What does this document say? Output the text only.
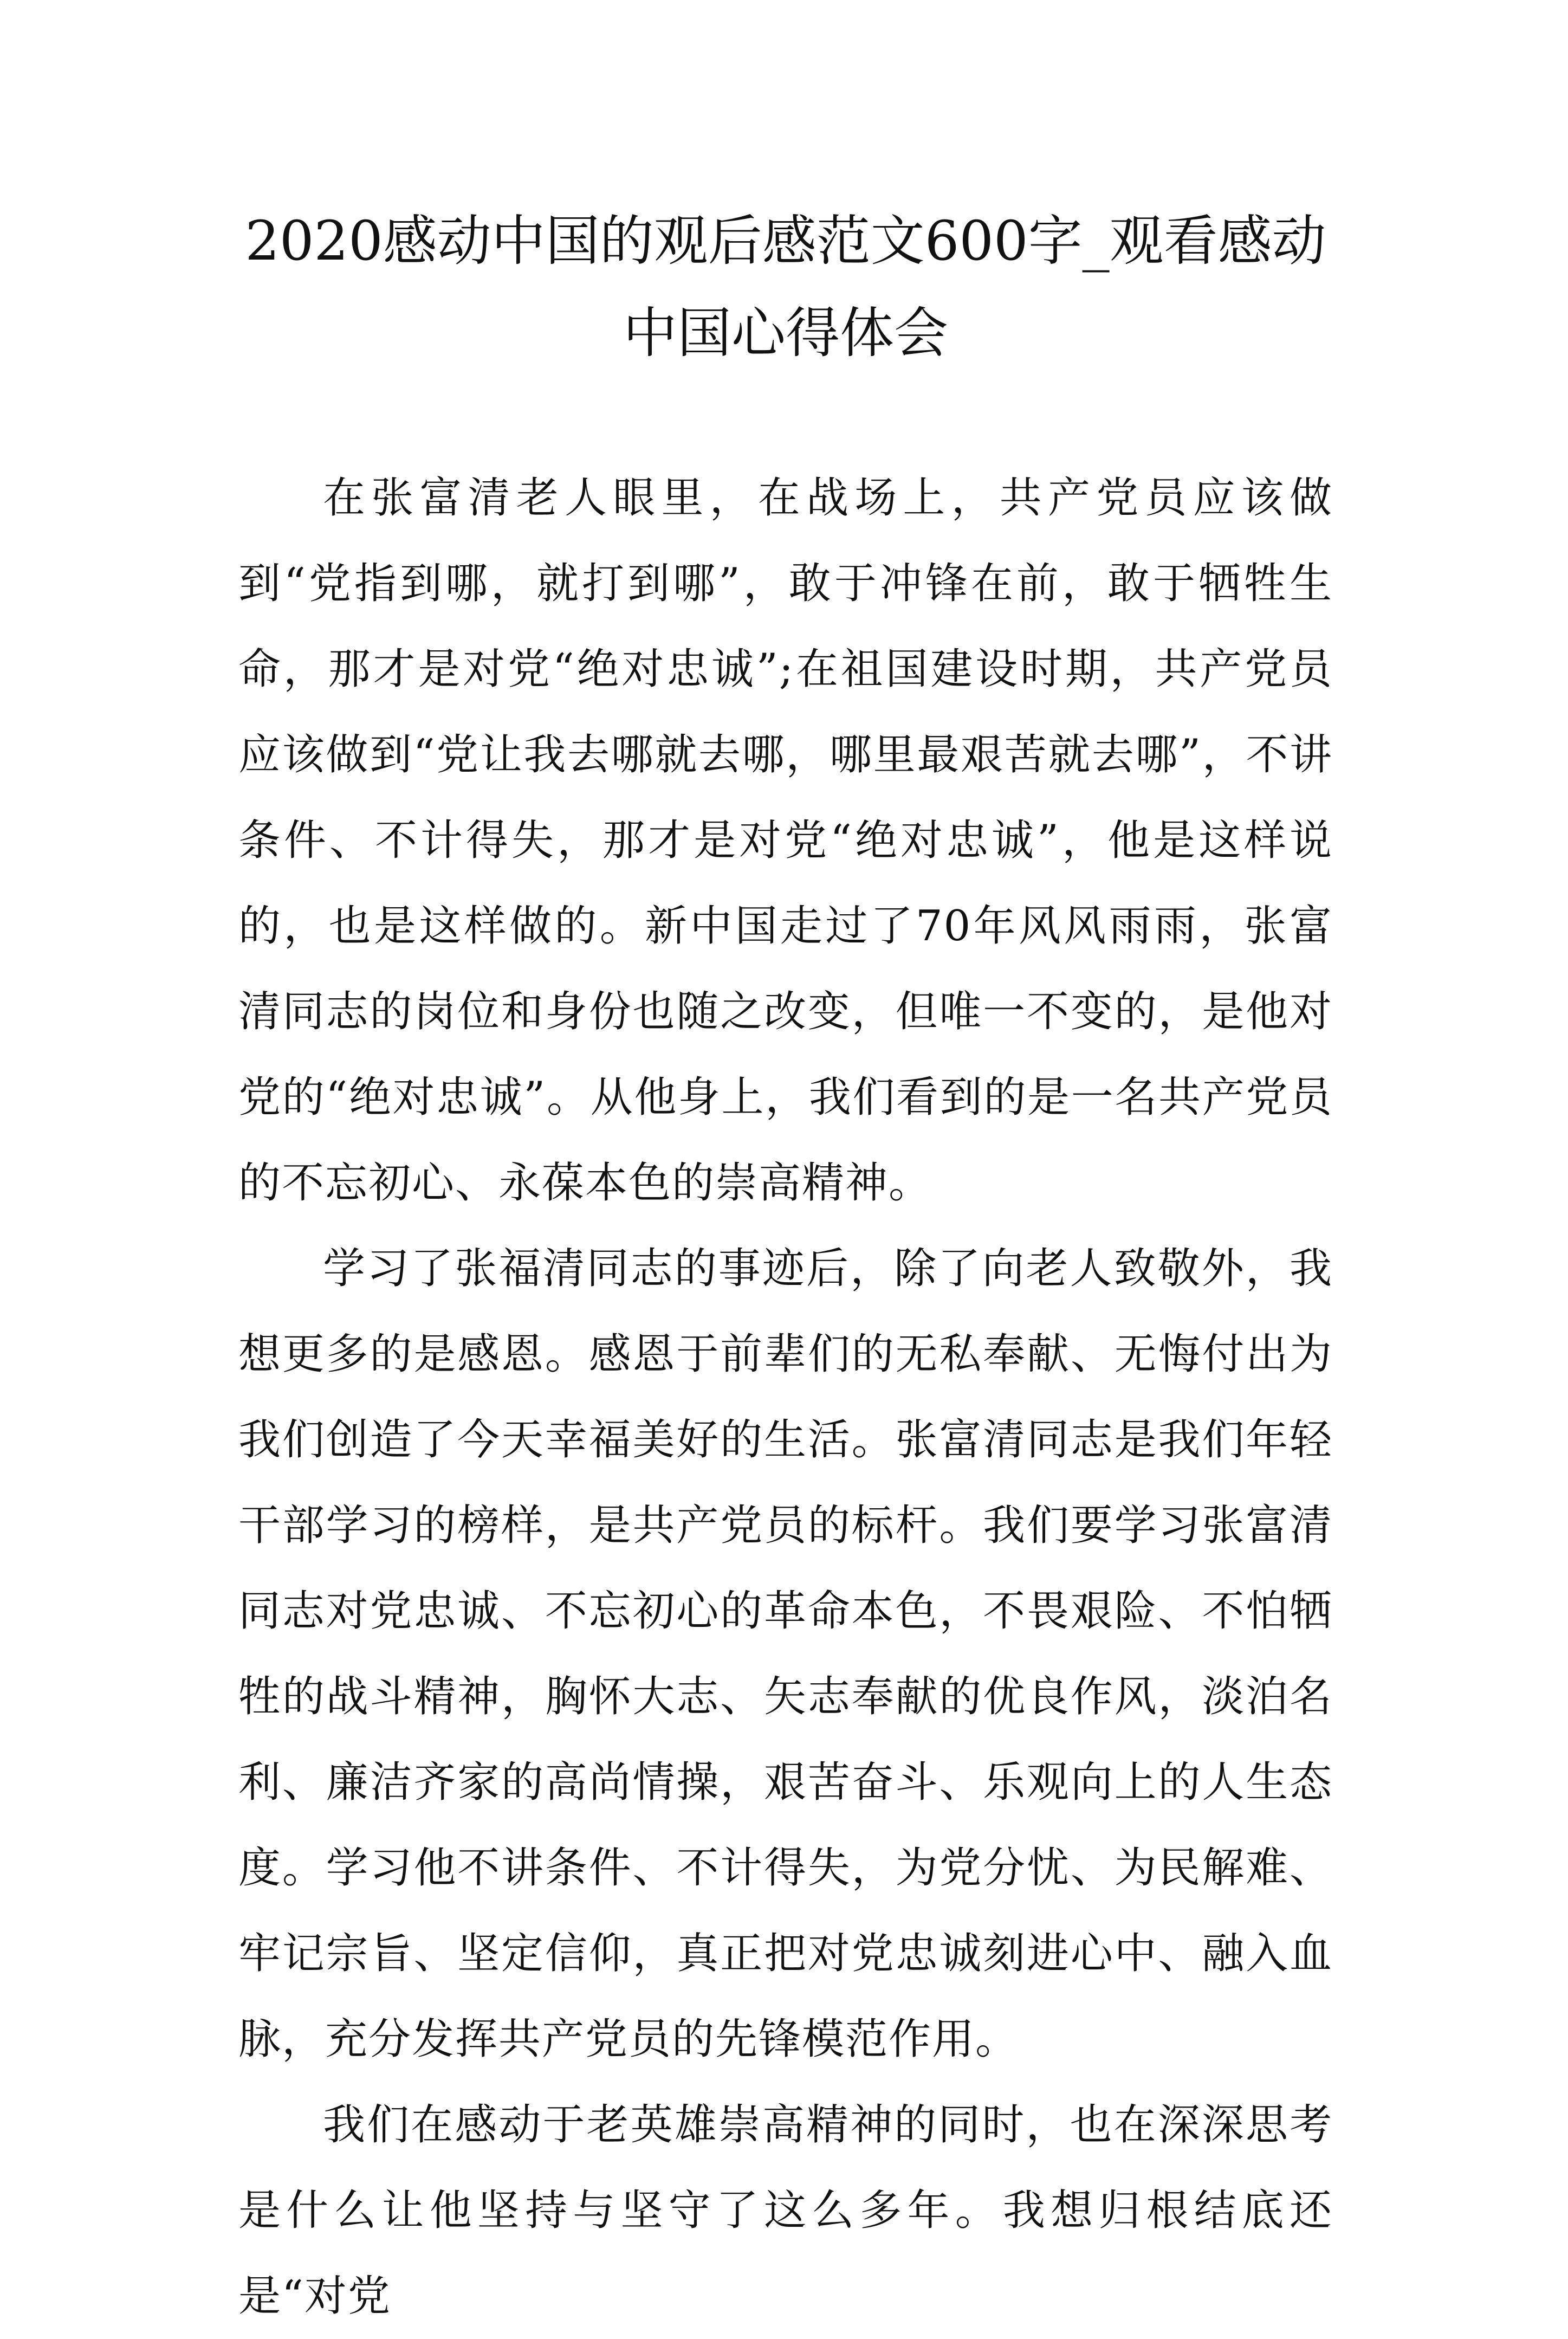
2020感动中国的观后感范文600字_观看感动中国心得体会

在张富清老人眼里，在战场上，共产党员应该做到“党指到哪，就打到哪”，敢于冲锋在前，敢于牺牲生命，那才是对党“绝对忠诚”;在祖国建设时期，共产党员应该做到“党让我去哪就去哪，哪里最艰苦就去哪”，不讲条件、不计得失，那才是对党“绝对忠诚”，他是这样说的，也是这样做的。新中国走过了70年风风雨雨，张富清同志的岗位和身份也随之改变，但唯一不变的，是他对党的“绝对忠诚”。从他身上，我们看到的是一名共产党员的不忘初心、永葆本色的崇高精神。

学习了张福清同志的事迹后，除了向老人致敬外，我想更多的是感恩。感恩于前辈们的无私奉献、无悔付出为我们创造了今天幸福美好的生活。张富清同志是我们年轻干部学习的榜样，是共产党员的标杆。我们要学习张富清同志对党忠诚、不忘初心的革命本色，不畏艰险、不怕牺牲的战斗精神，胸怀大志、矢志奉献的优良作风，淡泊名利、廉洁齐家的高尚情操，艰苦奋斗、乐观向上的人生态度。学习他不讲条件、不计得失，为党分忧、为民解难、牢记宗旨、坚定信仰，真正把对党忠诚刻进心中、融入血脉，充分发挥共产党员的先锋模范作用。

我们在感动于老英雄崇高精神的同时，也在深深思考是什么让他坚持与坚守了这么多年。我想归根结底还是“对党
